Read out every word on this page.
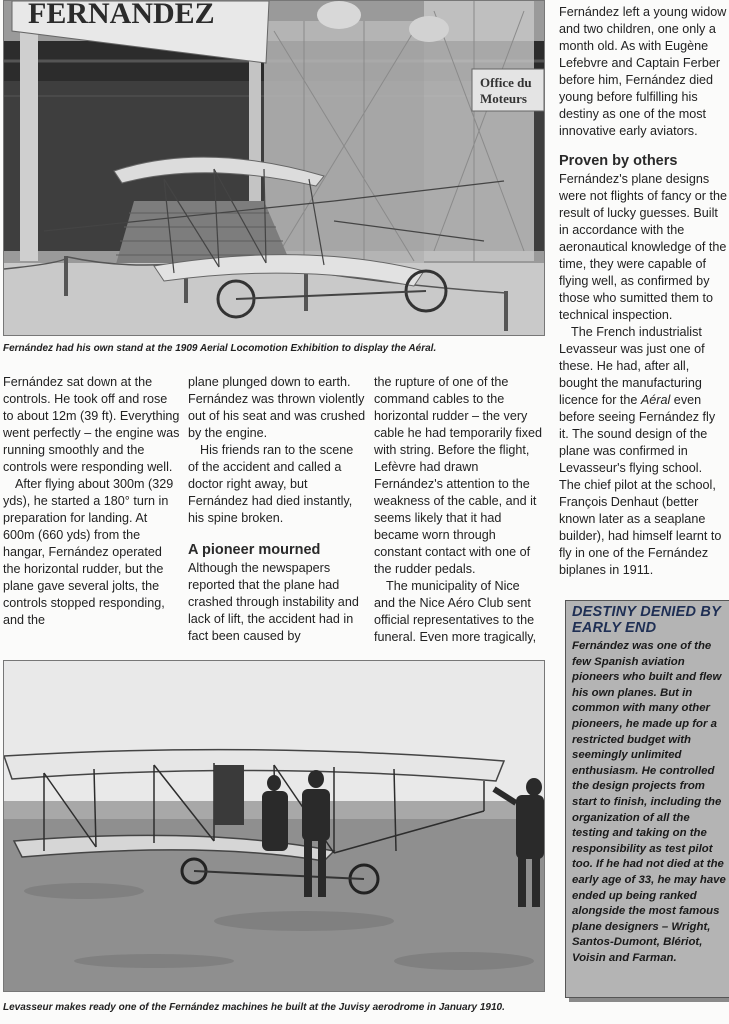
FERNANDEZ
Office du
Moteurs

Fernández had his own stand at the 1909 Aerial Locomotion Exhibition to display the Aéral.

Fernández sat down at the controls. He took off and rose to about 12m (39 ft). Everything went perfectly – the engine was running smoothly and the controls were responding well.

After flying about 300m (329 yds), he started a 180° turn in preparation for landing. At 600m (660 yds) from the hangar, Fernández operated the horizontal rudder, but the plane gave several jolts, the controls stopped responding, and the

plane plunged down to earth. Fernández was thrown violently out of his seat and was crushed by the engine.

His friends ran to the scene of the accident and called a doctor right away, but Fernández had died instantly, his spine broken.

A pioneer mourned

Although the newspapers reported that the plane had crashed through instability and lack of lift, the accident had in fact been caused by

the rupture of one of the command cables to the horizontal rudder – the very cable he had temporarily fixed with string. Before the flight, Lefèvre had drawn Fernández's attention to the weakness of the cable, and it seems likely that it had became worn through constant contact with one of the rudder pedals.

The municipality of Nice and the Nice Aéro Club sent official representatives to the funeral. Even more tragically,

Fernández left a young widow and two children, one only a month old. As with Eugène Lefebvre and Captain Ferber before him, Fernández died young before fulfilling his destiny as one of the most innovative early aviators.

Proven by others

Fernández's plane designs were not flights of fancy or the result of lucky guesses. Built in accordance with the aeronautical knowledge of the time, they were capable of flying well, as confirmed by those who sumitted them to technical inspection.

The French industrialist Levasseur was just one of these. He had, after all, bought the manufacturing licence for the Aéral even before seeing Fernández fly it. The sound design of the plane was confirmed in Levasseur's flying school. The chief pilot at the school, François Denhaut (better known later as a seaplane builder), had himself learnt to fly in one of the Fernández biplanes in 1911.

DESTINY DENIED BY EARLY END

Fernández was one of the few Spanish aviation pioneers who built and flew his own planes. But in common with many other pioneers, he made up for a restricted budget with seemingly unlimited enthusiasm. He controlled the design projects from start to finish, including the organization of all the testing and taking on the responsibility as test pilot too. If he had not died at the early age of 33, he may have ended up being ranked alongside the most famous plane designers – Wright, Santos-Dumont, Blériot, Voisin and Farman.

Levasseur makes ready one of the Fernández machines he built at the Juvisy aerodrome in January 1910.
